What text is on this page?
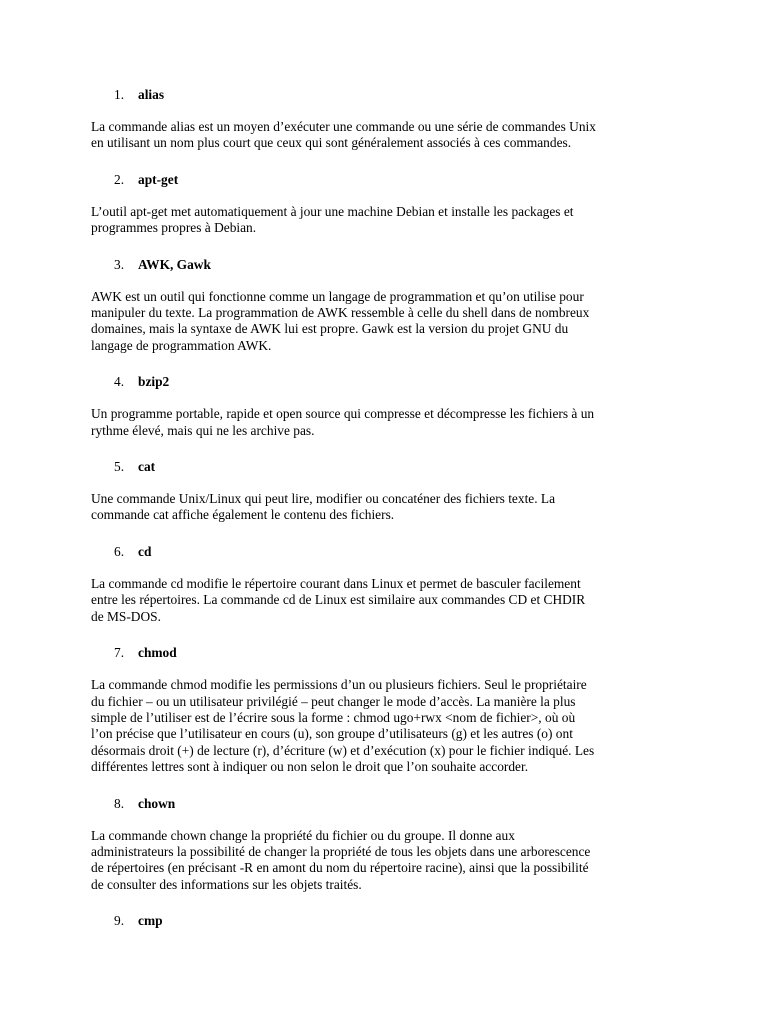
1.	alias

La commande alias est un moyen d’exécuter une commande ou une série de commandes Unix
en utilisant un nom plus court que ceux qui sont généralement associés à ces commandes.

2.	apt-get

L’outil apt-get met automatiquement à jour une machine Debian et installe les packages et
programmes propres à Debian.

3.	AWK, Gawk

AWK est un outil qui fonctionne comme un langage de programmation et qu’on utilise pour
manipuler du texte. La programmation de AWK ressemble à celle du shell dans de nombreux
domaines, mais la syntaxe de AWK lui est propre. Gawk est la version du projet GNU du
langage de programmation AWK.

4.	bzip2

Un programme portable, rapide et open source qui compresse et décompresse les fichiers à un
rythme élevé, mais qui ne les archive pas.

5.	cat

Une commande Unix/Linux qui peut lire, modifier ou concaténer des fichiers texte. La
commande cat affiche également le contenu des fichiers.

6.	cd

La commande cd modifie le répertoire courant dans Linux et permet de basculer facilement
entre les répertoires. La commande cd de Linux est similaire aux commandes CD et CHDIR
de MS-DOS.

7.	chmod

La commande chmod modifie les permissions d’un ou plusieurs fichiers. Seul le propriétaire
du fichier – ou un utilisateur privilégié – peut changer le mode d’accès. La manière la plus
simple de l’utiliser est de l’écrire sous la forme : chmod ugo+rwx <nom de fichier>, où où
l’on précise que l’utilisateur en cours (u), son groupe d’utilisateurs (g) et les autres (o) ont
désormais droit (+) de lecture (r), d’écriture (w) et d’exécution (x) pour le fichier indiqué. Les
différentes lettres sont à indiquer ou non selon le droit que l’on souhaite accorder.

8.	chown

La commande chown change la propriété du fichier ou du groupe. Il donne aux
administrateurs la possibilité de changer la propriété de tous les objets dans une arborescence
de répertoires (en précisant -R en amont du nom du répertoire racine), ainsi que la possibilité
de consulter des informations sur les objets traités.

9.	cmp
